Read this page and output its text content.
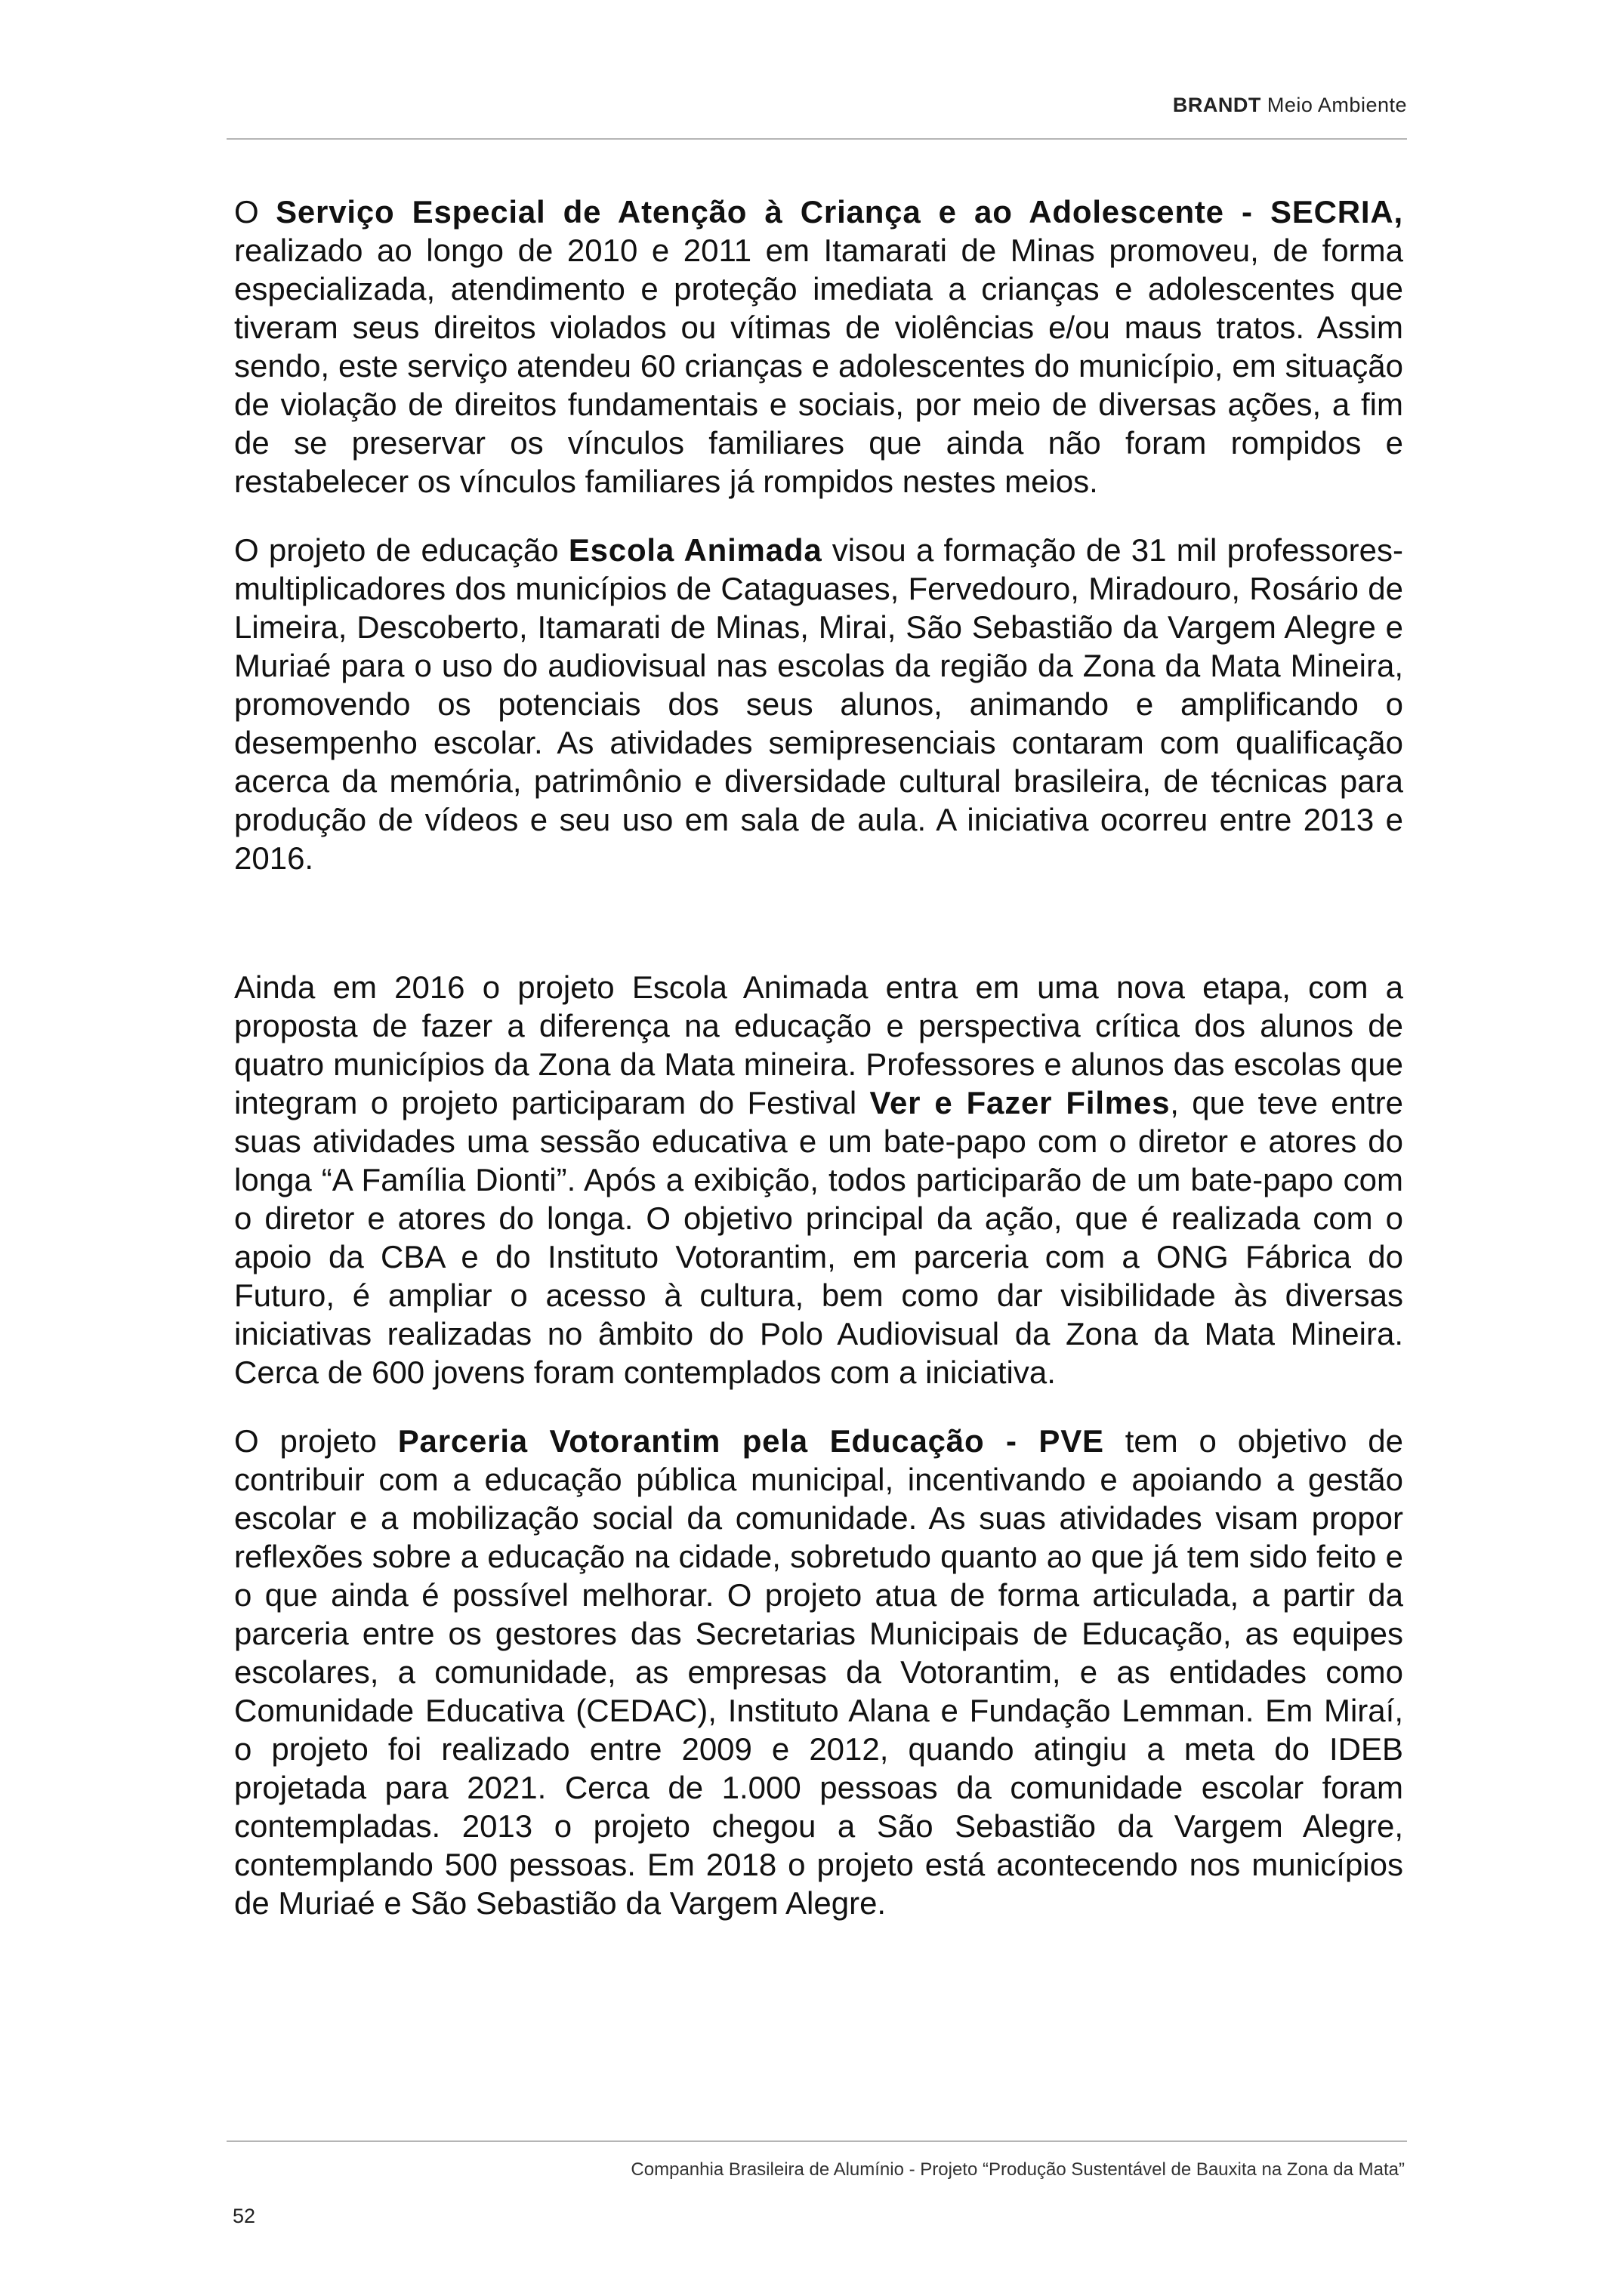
BRANDT Meio Ambiente

O Serviço Especial de Atenção à Criança e ao Adolescente - SECRIA, realizado ao longo de 2010 e 2011 em Itamarati de Minas promoveu, de forma especializada, atendimento e proteção imediata a crianças e adolescentes que tiveram seus direitos violados ou vítimas de violências e/ou maus tratos. Assim sendo, este serviço atendeu 60 crianças e adolescentes do município, em situação de violação de direitos fundamentais e sociais, por meio de diversas ações, a fim de se preservar os vínculos familiares que ainda não foram rompidos e restabelecer os vínculos familiares já rompidos nestes meios.

O projeto de educação Escola Animada visou a formação de 31 mil professores-multiplicadores dos municípios de Cataguases, Fervedouro, Miradouro, Rosário de Limeira, Descoberto, Itamarati de Minas, Mirai, São Sebastião da Vargem Alegre e Muriaé para o uso do audiovisual nas escolas da região da Zona da Mata Mineira, promovendo os potenciais dos seus alunos, animando e amplificando o desempenho escolar. As atividades semipresenciais contaram com qualificação acerca da memória, patrimônio e diversidade cultural brasileira, de técnicas para produção de vídeos e seu uso em sala de aula. A iniciativa ocorreu entre 2013 e 2016.

Ainda em 2016 o projeto Escola Animada entra em uma nova etapa, com a proposta de fazer a diferença na educação e perspectiva crítica dos alunos de quatro municípios da Zona da Mata mineira. Professores e alunos das escolas que integram o projeto participaram do Festival Ver e Fazer Filmes, que teve entre suas atividades uma sessão educativa e um bate-papo com o diretor e atores do longa “A Família Dionti”. Após a exibição, todos participarão de um bate-papo com o diretor e atores do longa. O objetivo principal da ação, que é realizada com o apoio da CBA e do Instituto Votorantim, em parceria com a ONG Fábrica do Futuro, é ampliar o acesso à cultura, bem como dar visibilidade às diversas iniciativas realizadas no âmbito do Polo Audiovisual da Zona da Mata Mineira. Cerca de 600 jovens foram contemplados com a iniciativa.

O projeto Parceria Votorantim pela Educação - PVE tem o objetivo de contribuir com a educação pública municipal, incentivando e apoiando a gestão escolar e a mobilização social da comunidade. As suas atividades visam propor reflexões sobre a educação na cidade, sobretudo quanto ao que já tem sido feito e o que ainda é possível melhorar. O projeto atua de forma articulada, a partir da parceria entre os gestores das Secretarias Municipais de Educação, as equipes escolares, a comunidade, as empresas da Votorantim, e as entidades como Comunidade Educativa (CEDAC), Instituto Alana e Fundação Lemman. Em Miraí, o projeto foi realizado entre 2009 e 2012, quando atingiu a meta do IDEB projetada para 2021. Cerca de 1.000 pessoas da comunidade escolar foram contempladas. 2013 o projeto chegou a São Sebastião da Vargem Alegre, contemplando 500 pessoas. Em 2018 o projeto está acontecendo nos municípios de Muriaé e São Sebastião da Vargem Alegre.

Companhia Brasileira de Alumínio - Projeto “Produção Sustentável de Bauxita na Zona da Mata”
52
